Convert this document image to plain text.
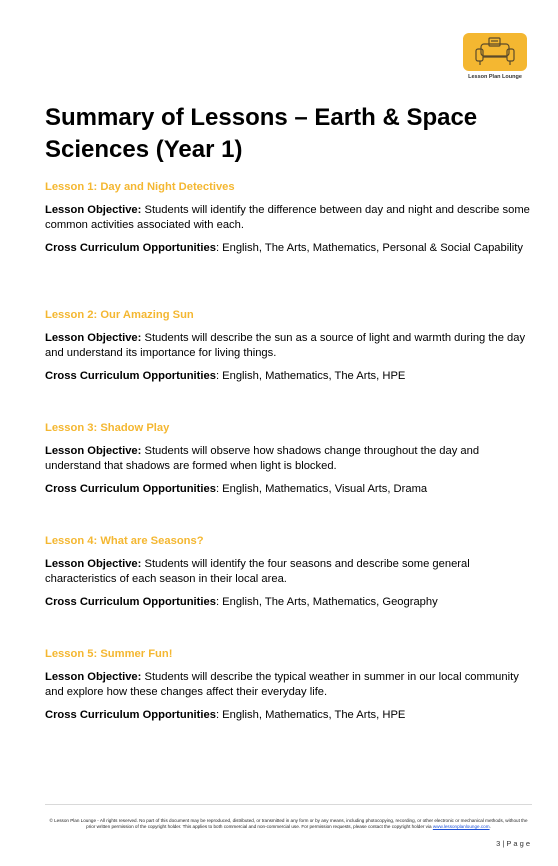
Lesson Plan Lounge
Summary of Lessons – Earth & Space Sciences (Year 1)

Lesson 1: Day and Night Detectives

Lesson Objective: Students will identify the difference between day and night and describe some common activities associated with each.

Cross Curriculum Opportunities: English, The Arts, Mathematics, Personal & Social Capability

Lesson 2: Our Amazing Sun

Lesson Objective: Students will describe the sun as a source of light and warmth during the day and understand its importance for living things.

Cross Curriculum Opportunities: English, Mathematics, The Arts, HPE

Lesson 3: Shadow Play

Lesson Objective: Students will observe how shadows change throughout the day and understand that shadows are formed when light is blocked.

Cross Curriculum Opportunities: English, Mathematics, Visual Arts, Drama

Lesson 4: What are Seasons?

Lesson Objective: Students will identify the four seasons and describe some general characteristics of each season in their local area.

Cross Curriculum Opportunities: English, The Arts, Mathematics, Geography

Lesson 5: Summer Fun!

Lesson Objective: Students will describe the typical weather in summer in our local community and explore how these changes affect their everyday life.

Cross Curriculum Opportunities: English, Mathematics, The Arts, HPE

© Lesson Plan Lounge - All rights reserved. No part of this document may be reproduced, distributed, or transmitted in any form or by any means, including photocopying, recording, or other electronic or mechanical methods, without the prior written permission of the copyright holder. This applies to both commercial and non-commercial use. For permission requests, please contact the copyright holder via www.lessonplanlounge.com.
3 | P a g e
